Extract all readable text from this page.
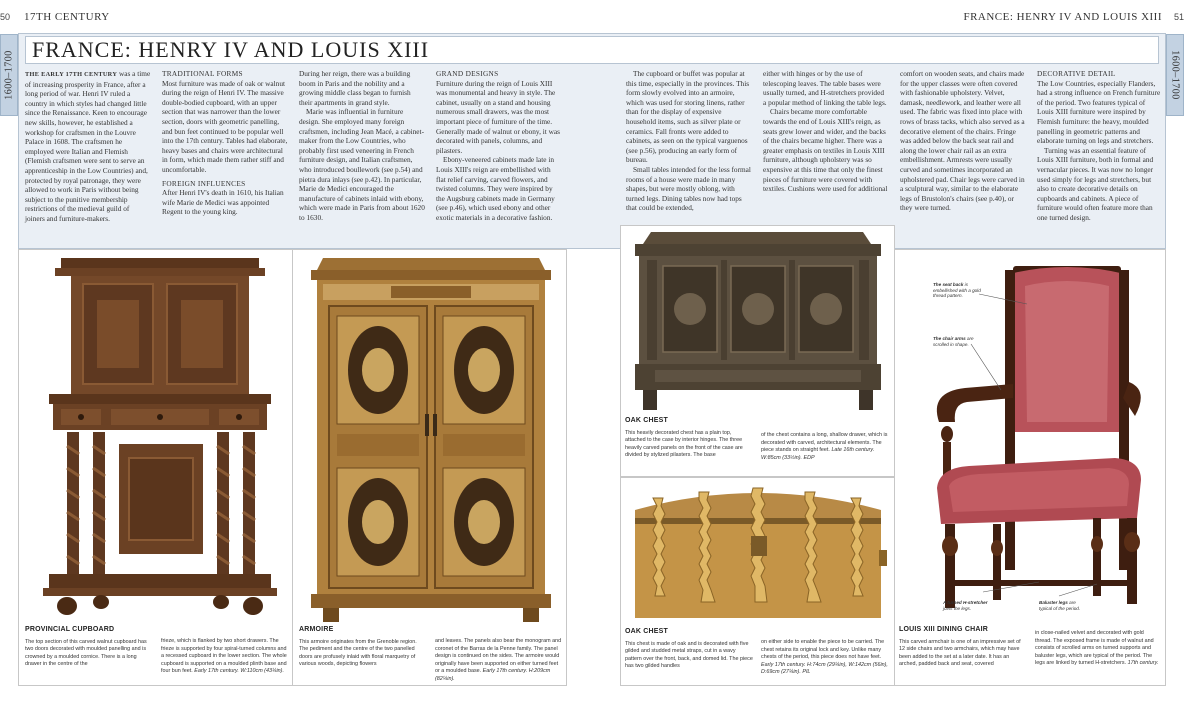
50	51
17TH CENTURY	FRANCE: HENRY IV AND LOUIS XIII
1600–1700	1600–1700
FRANCE: HENRY IV AND LOUIS XIII

THE EARLY 17TH CENTURY was a time of increasing prosperity in France, after a long period of war. Henri IV ruled a country in which styles had changed little since the Renaissance. Keen to encourage new skills, however, he established a workshop for craftsmen in the Louvre Palace in 1608. The craftsmen he employed were Italian and Flemish (Flemish craftsmen were sent to serve an apprenticeship in the Low Countries) and, protected by royal patronage, they were allowed to work in Paris without being subject to the punitive membership restrictions of the medieval guild of joiners and furniture-makers.

TRADITIONAL FORMS

Most furniture was made of oak or walnut during the reign of Henri IV. The massive double-bodied cupboard, with an upper section that was narrower than the lower section, doors with geometric panelling, and bun feet continued to be popular well into the 17th century. Tables had elaborate, heavy bases and chairs were architectural in form, which made them rather stiff and uncomfortable.

FOREIGN INFLUENCES

After Henri IV's death in 1610, his Italian wife Marie de Medici was appointed Regent to the young king.

During her reign, there was a building boom in Paris and the nobility and a growing middle class began to furnish their apartments in grand style.

Marie was influential in furniture design. She employed many foreign craftsmen, including Jean Macé, a cabinet-maker from the Low Countries, who probably first used veneering in French furniture design, and Italian craftsmen, who introduced boullework (see p.54) and pietra dura inlays (see p.42). In particular, Marie de Medici encouraged the manufacture of cabinets inlaid with ebony, which were made in Paris from about 1620 to 1630.

GRAND DESIGNS

Furniture during the reign of Louis XIII was monumental and heavy in style. The cabinet, usually on a stand and housing numerous small drawers, was the most important piece of furniture of the time. Generally made of walnut or ebony, it was decorated with panels, columns, and pilasters.

Ebony-veneered cabinets made late in Louis XIII's reign are embellished with flat relief carving, carved flowers, and twisted columns. They were inspired by the Augsburg cabinets made in Germany (see p.46), which used ebony and other exotic materials in a decorative fashion.

The cupboard or buffet was popular at this time, especially in the provinces. This form slowly evolved into an armoire, which was used for storing linens, rather than for the display of expensive household items, such as silver plate or ceramics. Fall fronts were added to cabinets, as seen on the typical varguenos (see p.56), producing an early form of bureau.

Small tables intended for the less formal rooms of a house were made in many shapes, but were mostly oblong, with turned legs. Dining tables now had tops that could be extended,

either with hinges or by the use of telescoping leaves. The table bases were usually turned, and H-stretchers provided a popular method of linking the table legs.

Chairs became more comfortable towards the end of Louis XIII's reign, as seats grew lower and wider, and the backs of the chairs became higher. There was a greater emphasis on textiles in Louis XIII furniture, although upholstery was so expensive at this time that only the finest pieces of furniture were covered with textiles. Cushions were used for additional

comfort on wooden seats, and chairs made for the upper classes were often covered with fashionable upholstery. Velvet, damask, needlework, and leather were all used. The fabric was fixed into place with rows of brass tacks, which also served as a decorative element of the chairs. Fringe was added below the back seat rail and along the lower chair rail as an extra embellishment. Armrests were usually curved and sometimes incorporated an upholstered pad. Chair legs were carved in a sculptural way, similar to the elaborate legs of Brustolon's chairs (see p.40), or they were turned.

DECORATIVE DETAIL

The Low Countries, especially Flanders, had a strong influence on French furniture of the period. Two features typical of Louis XIII furniture were inspired by Flemish furniture: the heavy, moulded panelling in geometric patterns and elaborate turning on legs and stretchers.

Turning was an essential feature of Louis XIII furniture, both in formal and vernacular pieces. It was now no longer used simply for legs and stretchers, but also to create decorative details on cupboards and cabinets. A piece of furniture would often feature more than one turned design.

PROVINCIAL CUPBOARD
The top section of this carved walnut cupboard has two doors decorated with moulded panelling and is crowned by a moulded cornice. There is a long drawer in the centre of the
frieze, which is flanked by two short drawers. The frieze is supported by four spiral-turned columns and a recessed cupboard in the lower section. The whole cupboard is supported on a moulded plinth base and four bun feet. Early 17th century. W:110cm (43¼in).
ARMOIRE
This armoire originates from the Grenoble region. The pediment and the centre of the two panelled doors are profusely inlaid with floral marquetry of various woods, depicting flowers
and leaves. The panels also bear the monogram and coronet of the Barras de la Penne family. The panel design is continued on the sides. The armoire would originally have been supported on either turned feet or a moulded base. Early 17th century. H:209cm (82¼in).
OAK CHEST
This heavily decorated chest has a plain top, attached to the case by interior hinges. The three heavily carved panels on the front of the case are divided by stylized pilasters. The base
of the chest contains a long, shallow drawer, which is decorated with carved, architectural elements. The piece stands on straight feet. Late 16th century. W:85cm (33½in). EDP
OAK CHEST
This chest is made of oak and is decorated with five gilded and studded metal straps, cut in a wavy pattern over the front, back, and domed lid. The piece has two gilded handles
on either side to enable the piece to be carried. The chest retains its original lock and key. Unlike many chests of the period, this piece does not have feet. Early 17th century. H:74cm (29¼in), W:142cm (56in), D:69cm (27¼in). PIL
The seat back is embellished with a gold thread pattern.
The chair arms are scrolled in shape.
A turned H-stretcher joins the legs.
Baluster legs are typical of the period.
LOUIS XIII DINING CHAIR
This carved armchair is one of an impressive set of 12 side chairs and two armchairs, which may have been added to the set at a later date. It has an arched, padded back and seat, covered
in close-nailed velvet and decorated with gold thread. The exposed frame is made of walnut and consists of scrolled arms on turned supports and baluster legs, which are typical of the period. The legs are linked by turned H-stretchers. 17th century.
